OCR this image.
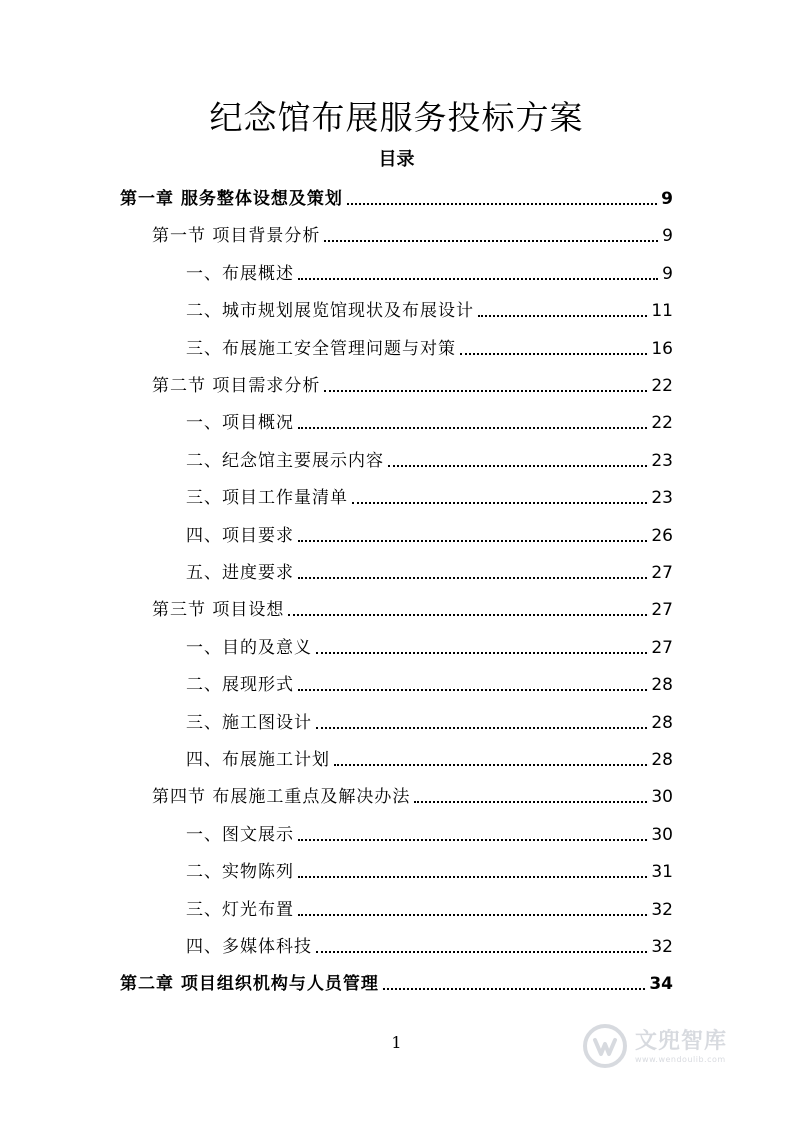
纪念馆布展服务投标方案
目录
第一章 服务整体设想及策划	9
第一节 项目背景分析	9
一、布展概述	9
二、城市规划展览馆现状及布展设计	11
三、布展施工安全管理问题与对策	16
第二节 项目需求分析	22
一、项目概况	22
二、纪念馆主要展示内容	23
三、项目工作量清单	23
四、项目要求	26
五、进度要求	27
第三节 项目设想	27
一、目的及意义	27
二、展现形式	28
三、施工图设计	28
四、布展施工计划	28
第四节 布展施工重点及解决办法	30
一、图文展示	30
二、实物陈列	31
三、灯光布置	32
四、多媒体科技	32
第二章 项目组织机构与人员管理	34
1	文兜智库
www.wendoulib.com
